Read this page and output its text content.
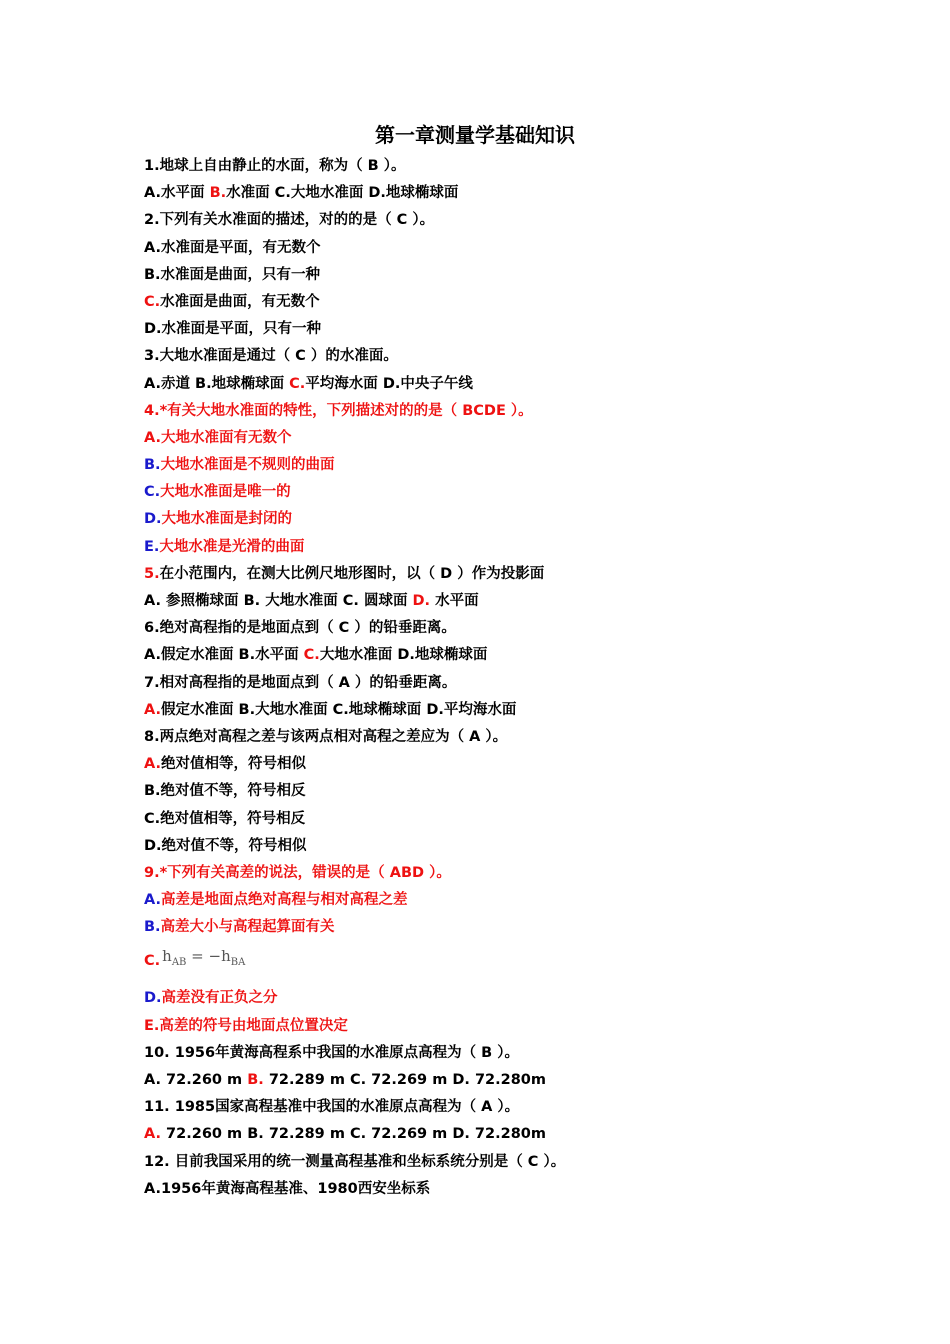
第一章测量学基础知识
1.地球上自由静止的水面，称为（ B ）。
A.水平面 B.水准面 C.大地水准面 D.地球椭球面
2.下列有关水准面的描述，对的的是（ C ）。
A.水准面是平面，有无数个
B.水准面是曲面，只有一种
C.水准面是曲面，有无数个
D.水准面是平面，只有一种
3.大地水准面是通过（ C ）的水准面。
A.赤道 B.地球椭球面 C.平均海水面 D.中央子午线
4.*有关大地水准面的特性，下列描述对的的是（ BCDE ）。
A.大地水准面有无数个
B.大地水准面是不规则的曲面
C.大地水准面是唯一的
D.大地水准面是封闭的
E.大地水准是光滑的曲面
5.在小范围内，在测大比例尺地形图时，以（ D ）作为投影面
A. 参照椭球面 B. 大地水准面 C. 圆球面 D. 水平面
6.绝对高程指的是地面点到（ C ）的铅垂距离。
A.假定水准面 B.水平面 C.大地水准面 D.地球椭球面
7.相对高程指的是地面点到（ A ）的铅垂距离。
A.假定水准面 B.大地水准面 C.地球椭球面 D.平均海水面
8.两点绝对高程之差与该两点相对高程之差应为（ A ）。
A.绝对值相等，符号相似
B.绝对值不等，符号相反
C.绝对值相等，符号相反
D.绝对值不等，符号相似
9.*下列有关高差的说法，错误的是（ ABD ）。
A.高差是地面点绝对高程与相对高程之差
B.高差大小与高程起算面有关
C. $h_{AB} = -h_{BA}$
D.高差没有正负之分
E.高差的符号由地面点位置决定
10. 1956年黄海高程系中我国的水准原点高程为（ B ）。
A. 72.260 m B. 72.289 m C. 72.269 m D. 72.280m
11. 1985国家高程基准中我国的水准原点高程为（ A ）。
A. 72.260 m B. 72.289 m C. 72.269 m D. 72.280m
12. 目前我国采用的统一测量高程基准和坐标系统分别是（ C ）。
A.1956年黄海高程基准、1980西安坐标系
